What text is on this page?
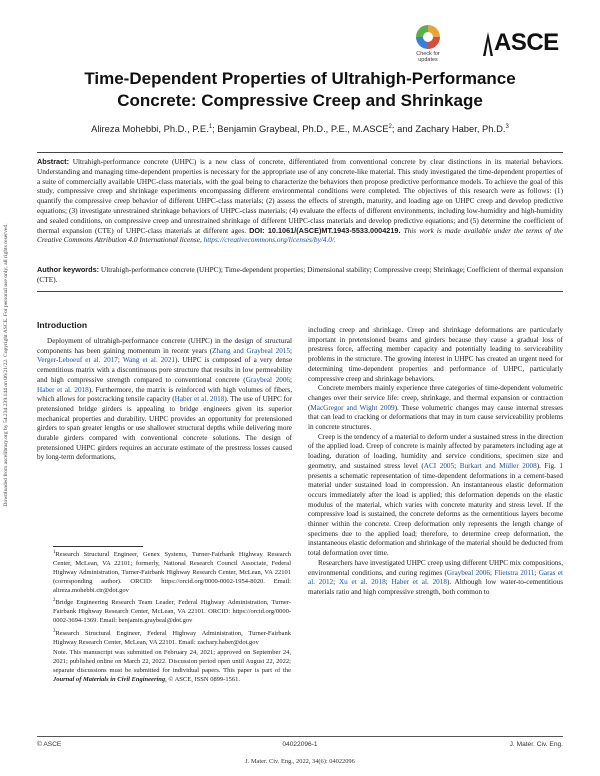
Downloaded from ascelibrary.org by 54.234.239.144 on 06/21/22. Copyright ASCE. For personal use only; all rights reserved.
Check for
updates
ASCE
Time-Dependent Properties of Ultrahigh-Performance Concrete: Compressive Creep and Shrinkage
Alireza Mohebbi, Ph.D., P.E.$^1$; Benjamin Graybeal, Ph.D., P.E., M.ASCE$^2$; and Zachary Haber, Ph.D.$^3$
Abstract: Ultrahigh-performance concrete (UHPC) is a new class of concrete, differentiated from conventional concrete by clear distinctions in its material behaviors. Understanding and managing time-dependent properties is necessary for the appropriate use of any concrete-like material. This study investigated the time-dependent properties of a suite of commercially available UHPC-class materials, with the goal being to characterize the behaviors then propose predictive performance models. To achieve the goal of this study, compressive creep and shrinkage experiments encompassing different environmental conditions were completed. The objectives of this research were as follows: (1) quantify the compressive creep behavior of different UHPC-class materials; (2) assess the effects of strength, maturity, and loading age on UHPC creep and develop predictive equations; (3) investigate unrestrained shrinkage behaviors of UHPC-class materials; (4) evaluate the effects of different environments, including low-humidity and high-humidity and sealed conditions, on compressive creep and unrestrained shrinkage of different UHPC-class materials and develop predictive equations; and (5) determine the coefficient of thermal expansion (CTE) of UHPC-class materials at different ages. DOI: 10.1061/(ASCE)MT.1943-5533.0004219. This work is made available under the terms of the Creative Commons Attribution 4.0 International license, https://creativecommons.org/licenses/by/4.0/.
Author keywords: Ultrahigh-performance concrete (UHPC); Time-dependent properties; Dimensional stability; Compressive creep; Shrinkage; Coefficient of thermal expansion (CTE).
Introduction

Deployment of ultrahigh-performance concrete (UHPC) in the design of structural components has been gaining momentum in recent years (Zhang and Graybeal 2015; Verger-Leboeuf et al. 2017; Wang et al. 2021). UHPC is composed of a very dense cementitious matrix with a discontinuous pore structure that results in low permeability and high compressive strength compared to conventional concrete (Graybeal 2006; Haber et al. 2018). Furthermore, the matrix is reinforced with high volumes of fibers, which allows for postcracking tensile capacity (Haber et al. 2018). The use of UHPC for pretensioned bridge girders is appealing to bridge engineers given its superior mechanical properties and durability. UHPC provides an opportunity for pretensioned girders to span greater lengths or use shallower structural depths while delivering more durable girders compared with conventional concrete solutions. The design of pretensioned UHPC girders requires an accurate estimate of the prestress losses caused by long-term deformations,

$^1$Research Structural Engineer, Genex Systems, Turner-Fairbank Highway Research Center, McLean, VA 22101; formerly, National Research Council Associate, Federal Highway Administration, Turner-Fairbank Highway Research Center, McLean, VA 22101 (corresponding author). ORCID: https://orcid.org/0000-0002-1954-8020. Email: alireza.mohebbi.ctr@dot.gov

$^2$Bridge Engineering Research Team Leader, Federal Highway Administration, Turner-Fairbank Highway Research Center, McLean, VA 22101. ORCID: https://orcid.org/0000-0002-3694-1369. Email: benjamin.graybeal@dot.gov

$^3$Research Structural Engineer, Federal Highway Administration, Turner-Fairbank Highway Research Center, McLean, VA 22101. Email: zachary.haber@dot.gov

Note. This manuscript was submitted on February 24, 2021; approved on September 24, 2021; published online on March 22, 2022. Discussion period open until August 22, 2022; separate discussions must be submitted for individual papers. This paper is part of the Journal of Materials in Civil Engineering, © ASCE, ISSN 0899-1561.

including creep and shrinkage. Creep and shrinkage deformations are particularly important in pretensioned beams and girders because they cause a gradual loss of prestress force, affecting member capacity and potentially leading to serviceability problems in the structure. The growing interest in UHPC has created an urgent need for determining time-dependent properties and performance of UHPC, particularly compressive creep and shrinkage behaviors.

Concrete members mainly experience three categories of time-dependent volumetric changes over their service life: creep, shrinkage, and thermal expansion or contraction (MacGregor and Wight 2009). These volumetric changes may cause internal stresses that can lead to cracking or deformations that may in turn cause serviceability problems in concrete structures.

Creep is the tendency of a material to deform under a sustained stress in the direction of the applied load. Creep of concrete is mainly affected by parameters including age at loading, duration of loading, humidity and service conditions, specimen size and geometry, and sustained stress level (ACI 2005; Burkart and Müller 2008). Fig. 1 presents a schematic representation of time-dependent deformations in a cement-based material under sustained load in compression. An instantaneous elastic deformation occurs immediately after the load is applied; this deformation depends on the elastic modulus of the material, which varies with concrete maturity and stress level. If the compressive load is sustained, the concrete deforms as the cementitious layers become thinner within the concrete. Creep deformation only represents the length change of specimens due to the applied load; therefore, to determine creep deformation, the instantaneous elastic deformation and shrinkage of the material should be deducted from total deformation over time.

Researchers have investigated UHPC creep using different UHPC mix compositions, environmental conditions, and curing regimes (Graybeal 2006; Flietstra 2011; Garas et al. 2012; Xu et al. 2018; Haber et al. 2018). Although low water-to-cementitious materials ratio and high compressive strength, both common to

© ASCE	04022096-1	J. Mater. Civ. Eng.
J. Mater. Civ. Eng., 2022, 34(6): 04022096
